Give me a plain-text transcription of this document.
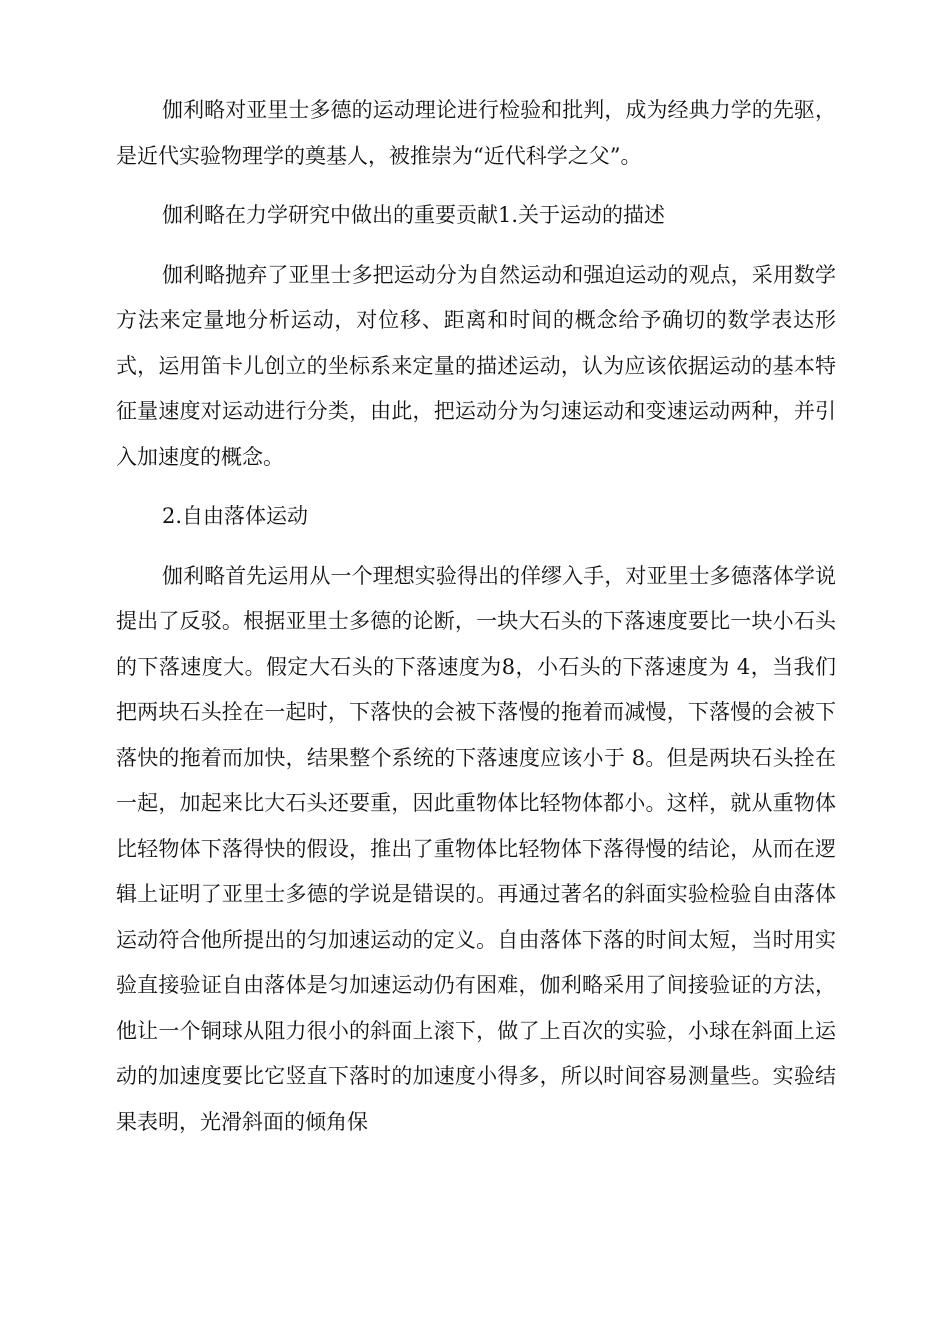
伽利略对亚里士多德的运动理论进行检验和批判，成为经典力学的先驱，是近代实验物理学的奠基人，被推崇为“近代科学之父”。

伽利略在力学研究中做出的重要贡献1.关于运动的描述

伽利略抛弃了亚里士多把运动分为自然运动和强迫运动的观点，采用数学方法来定量地分析运动，对位移、距离和时间的概念给予确切的数学表达形式，运用笛卡儿创立的坐标系来定量的描述运动，认为应该依据运动的基本特征量速度对运动进行分类，由此，把运动分为匀速运动和变速运动两种，并引入加速度的概念。

2.自由落体运动

伽利略首先运用从一个理想实验得出的佯缪入手，对亚里士多德落体学说提出了反驳。根据亚里士多德的论断，一块大石头的下落速度要比一块小石头的下落速度大。假定大石头的下落速度为8，小石头的下落速度为 4，当我们把两块石头拴在一起时，下落快的会被下落慢的拖着而减慢，下落慢的会被下落快的拖着而加快，结果整个系统的下落速度应该小于 8。但是两块石头拴在一起，加起来比大石头还要重，因此重物体比轻物体都小。这样，就从重物体比轻物体下落得快的假设，推出了重物体比轻物体下落得慢的结论，从而在逻辑上证明了亚里士多德的学说是错误的。再通过著名的斜面实验检验自由落体运动符合他所提出的匀加速运动的定义。自由落体下落的时间太短，当时用实验直接验证自由落体是匀加速运动仍有困难，伽利略采用了间接验证的方法，他让一个铜球从阻力很小的斜面上滚下，做了上百次的实验，小球在斜面上运动的加速度要比它竖直下落时的加速度小得多，所以时间容易测量些。实验结果表明，光滑斜面的倾角保
